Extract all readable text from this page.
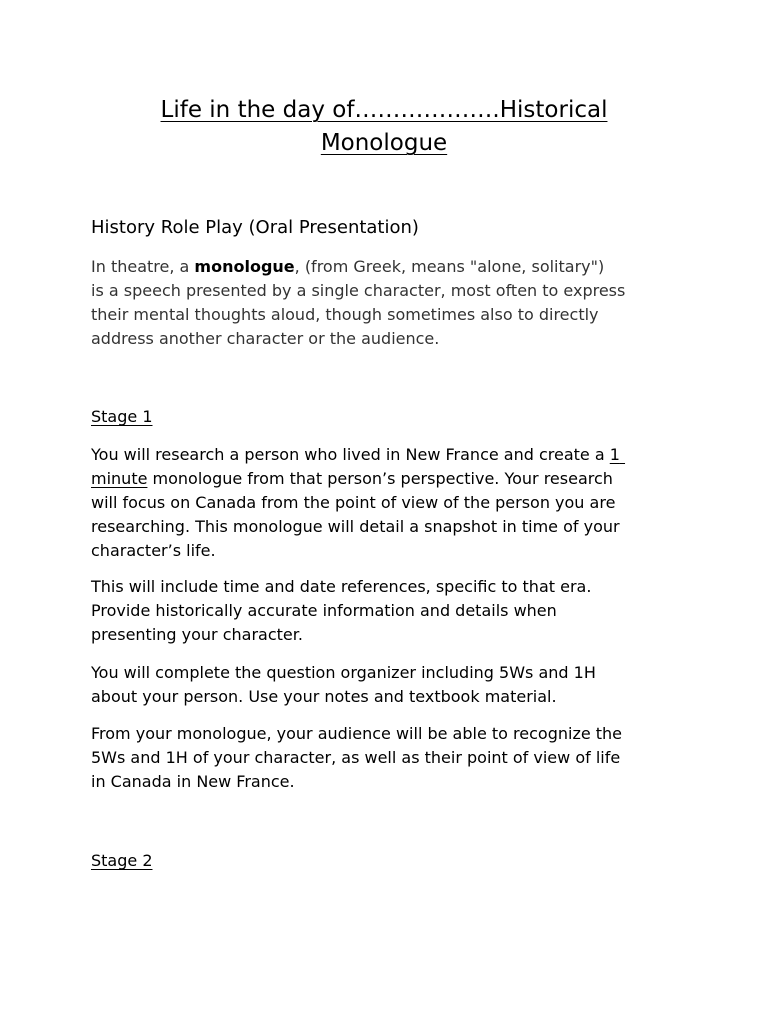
Life in the day of……………….Historical
Monologue
History Role Play (Oral Presentation)

In theatre, a monologue, (from Greek, means "alone, solitary")
is a speech presented by a single character, most often to express
their mental thoughts aloud, though sometimes also to directly
address another character or the audience.

Stage 1

You will research a person who lived in New France and create a 1
minute monologue from that person’s perspective. Your research
will focus on Canada from the point of view of the person you are
researching. This monologue will detail a snapshot in time of your
character’s life.

This will include time and date references, specific to that era.
Provide historically accurate information and details when
presenting your character.

You will complete the question organizer including 5Ws and 1H
about your person. Use your notes and textbook material.

From your monologue, your audience will be able to recognize the
5Ws and 1H of your character, as well as their point of view of life
in Canada in New France.

Stage 2
